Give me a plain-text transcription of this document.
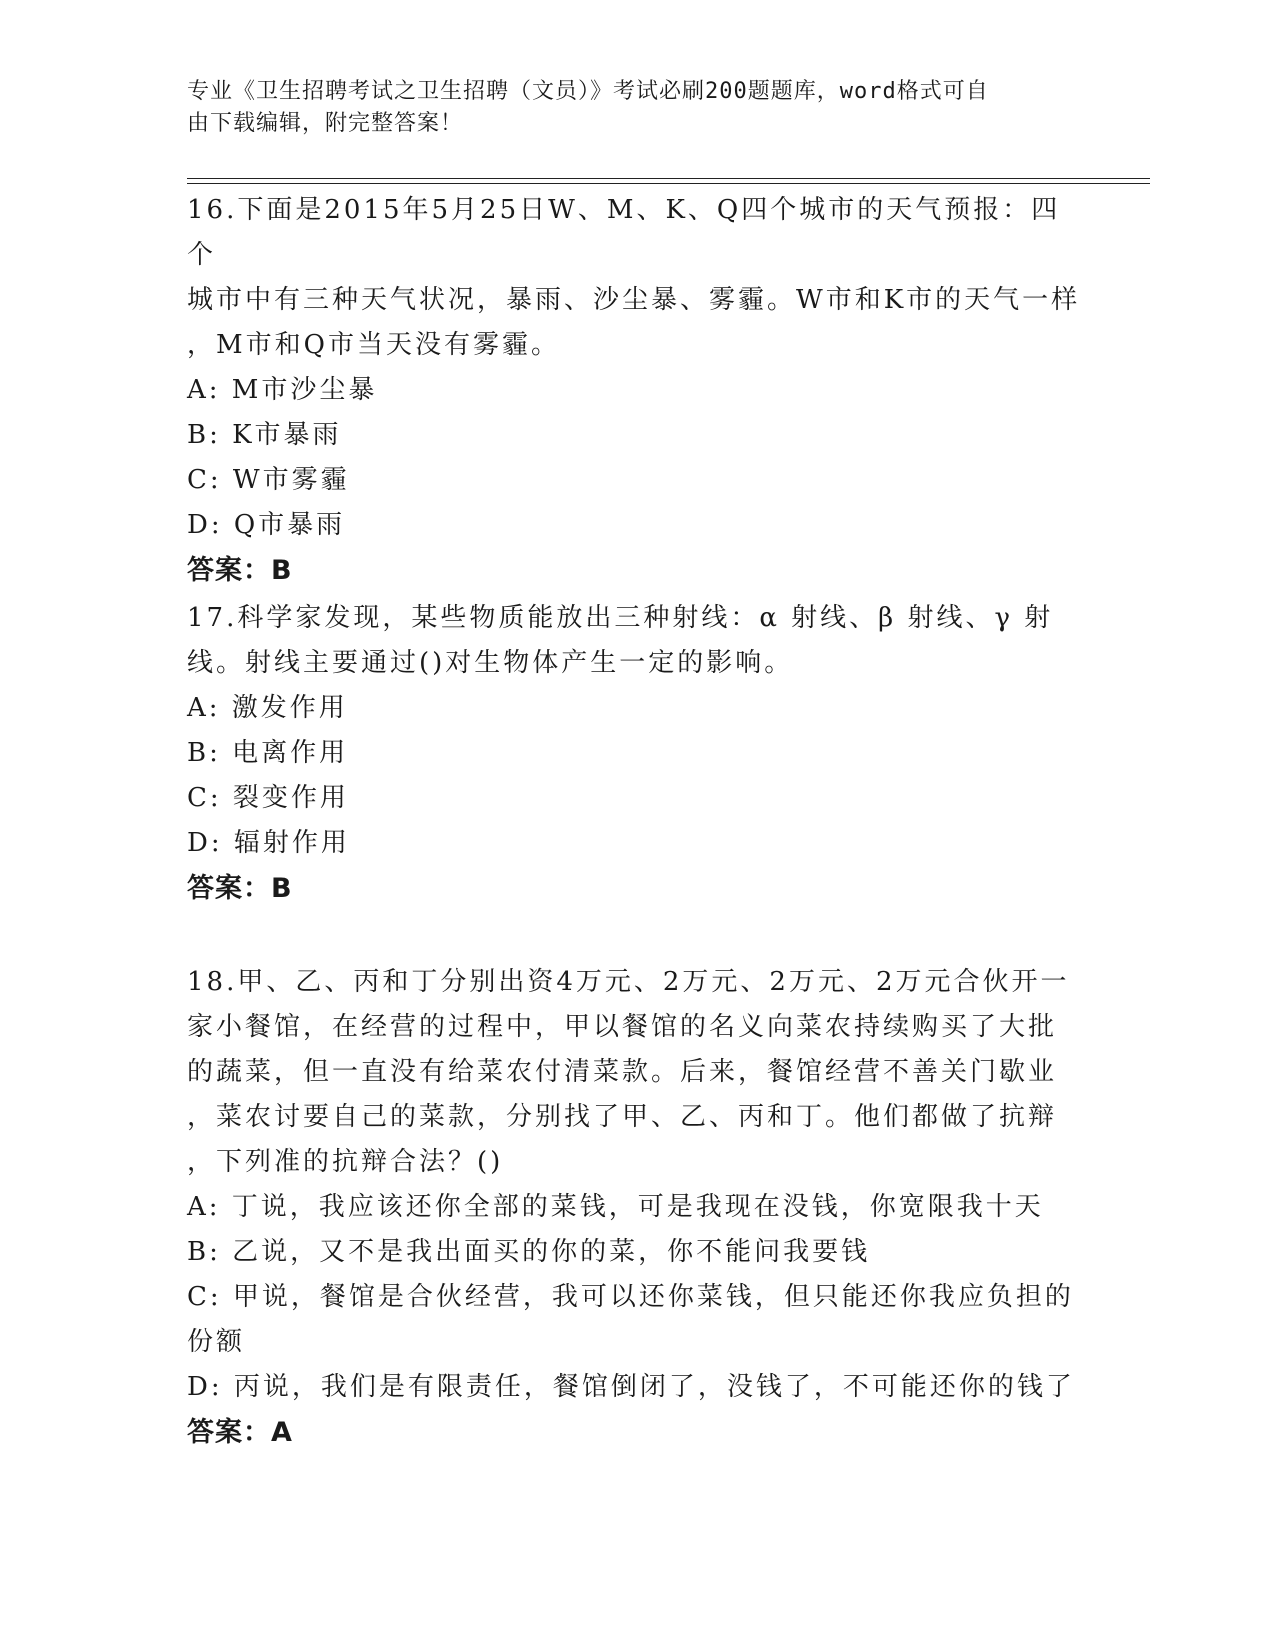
专业《卫生招聘考试之卫生招聘（文员）》考试必刷200题题库，word格式可自
由下载编辑，附完整答案！
16.下面是2015年5月25日W、M、K、Q四个城市的天气预报：四个
城市中有三种天气状况，暴雨、沙尘暴、雾霾。W市和K市的天气一样
，M市和Q市当天没有雾霾。
A: M市沙尘暴
B: K市暴雨
C: W市雾霾
D: Q市暴雨
答案：B
17.科学家发现，某些物质能放出三种射线：α 射线、β 射线、γ 射
线。射线主要通过()对生物体产生一定的影响。
A: 激发作用
B: 电离作用
C: 裂变作用
D: 辐射作用
答案：B
18.甲、乙、丙和丁分别出资4万元、2万元、2万元、2万元合伙开一
家小餐馆，在经营的过程中，甲以餐馆的名义向菜农持续购买了大批
的蔬菜，但一直没有给菜农付清菜款。后来，餐馆经营不善关门歇业
，菜农讨要自己的菜款，分别找了甲、乙、丙和丁。他们都做了抗辩
，下列准的抗辩合法？()
A: 丁说，我应该还你全部的菜钱，可是我现在没钱，你宽限我十天
B: 乙说，又不是我出面买的你的菜，你不能问我要钱
C: 甲说，餐馆是合伙经营，我可以还你菜钱，但只能还你我应负担的
份额
D: 丙说，我们是有限责任，餐馆倒闭了，没钱了，不可能还你的钱了
答案：A
